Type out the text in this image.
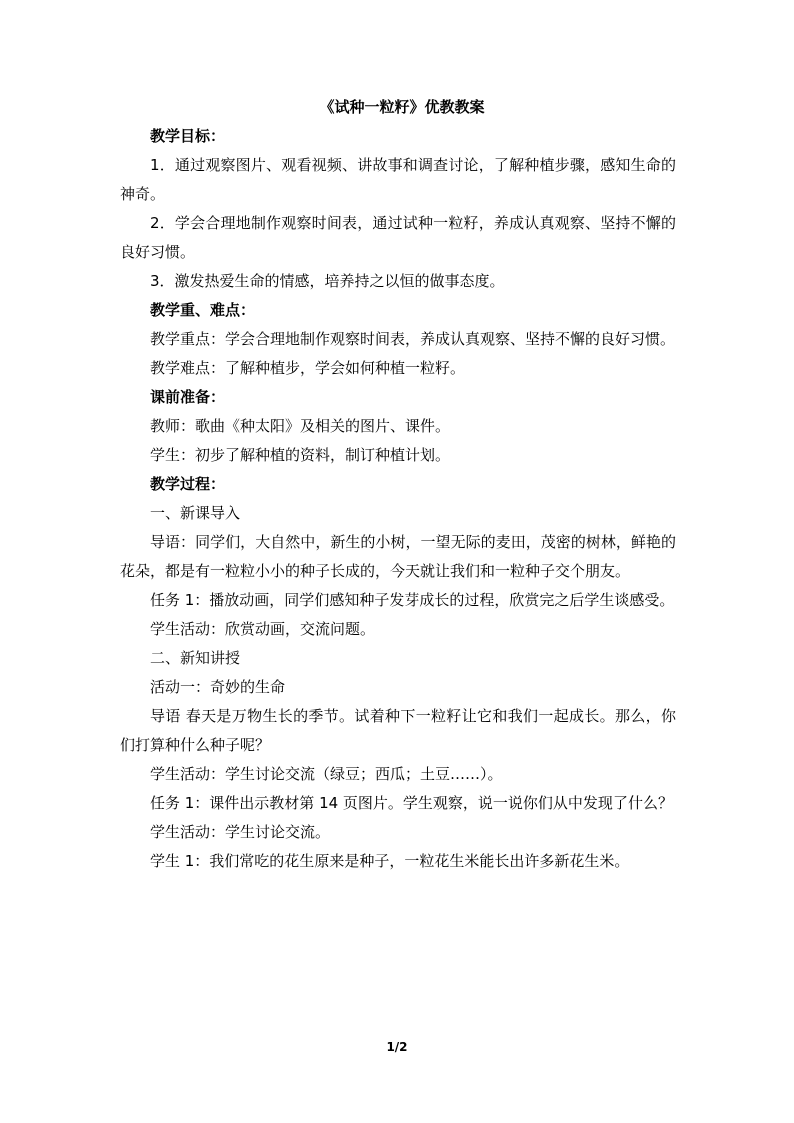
《试种一粒籽》优教教案

教学目标：

1．通过观察图片、观看视频、讲故事和调查讨论，了解种植步骤，感知生命的神奇。

2．学会合理地制作观察时间表，通过试种一粒籽，养成认真观察、坚持不懈的良好习惯。

3．激发热爱生命的情感，培养持之以恒的做事态度。

教学重、难点：

教学重点：学会合理地制作观察时间表，养成认真观察、坚持不懈的良好习惯。

教学难点：了解种植步，学会如何种植一粒籽。

课前准备：

教师：歌曲《种太阳》及相关的图片、课件。

学生：初步了解种植的资料，制订种植计划。

教学过程：

一、新课导入

导语：同学们，大自然中，新生的小树，一望无际的麦田，茂密的树林，鲜艳的花朵，都是有一粒粒小小的种子长成的，今天就让我们和一粒种子交个朋友。

任务 1：播放动画，同学们感知种子发芽成长的过程，欣赏完之后学生谈感受。

学生活动：欣赏动画，交流问题。

二、新知讲授

活动一：奇妙的生命

导语 春天是万物生长的季节。试着种下一粒籽让它和我们一起成长。那么，你们打算种什么种子呢？

学生活动：学生讨论交流（绿豆；西瓜；土豆……）。

任务 1：课件出示教材第 14 页图片。学生观察，说一说你们从中发现了什么？

学生活动：学生讨论交流。

学生 1：我们常吃的花生原来是种子，一粒花生米能长出许多新花生米。

1/2
